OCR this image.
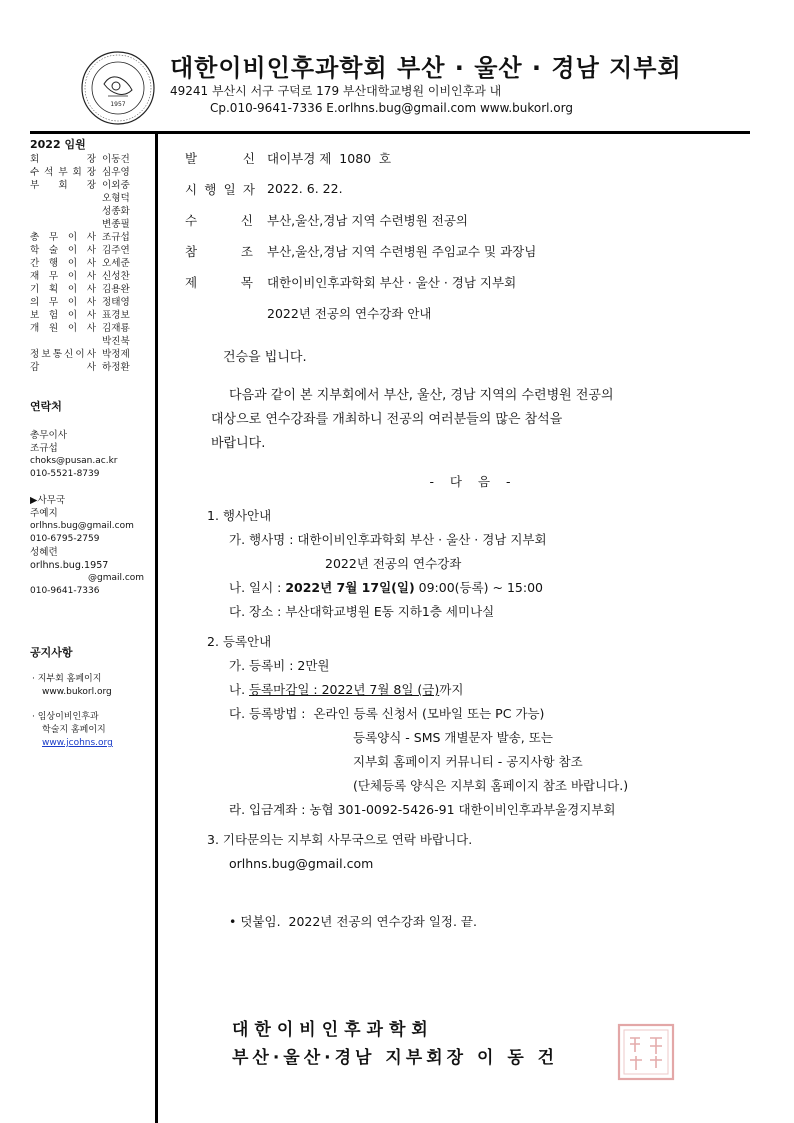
1957
대한이비인후과학회 부산 · 울산 · 경남 지부회
49241 부산시 서구 구덕로 179 부산대학교병원 이비인후과 내
Cp.010-9641-7336 E.orlhns.bug@gmail.com www.bukorl.org
2022 임원
회	장 이동건
수 석 부 회 장 심우영
부 회 장 이외중
오형덕
성종화
변종필
총 무 이 사 조규섭
학 술 이 사 김주연
간 행 이 사 오세준
재 무 이 사 신성찬
기 획 이 사 김용완
의 무 이 사 정태영
보 험 이 사 표경보
개 원 이 사 김재룡
박진북
정 보 통 신 이 사 박정제
감	사 하정환
연락처
총무이사
조규섭
choks@pusan.ac.kr
010-5521-8739
▶사무국
주예지
orlhns.bug@gmail.com
010-6795-2759
성혜련
orlhns.bug.1957
@gmail.com
010-9641-7336
공지사항
· 지부회 홈페이지
www.bukorl.org
· 임상이비인후과
학술지 홈페이지
www.jcohns.org
발	신 대이부경 제  1080  호
시 행 일 자 2022. 6. 22.
수	신 부산,울산,경남 지역 수련병원 전공의
참	조 부산,울산,경남 지역 수련병원 주임교수 및 과장님
제	목 대한이비인후과학회 부산 · 울산 · 경남 지부회
2022년 전공의 연수강좌 안내
건승을 빕니다.
다음과 같이 본 지부회에서 부산, 울산, 경남 지역의 수련병원 전공의
대상으로 연수강좌를 개최하니 전공의 여러분들의 많은 참석을
바랍니다.
- 다 음 -
1. 행사안내
가. 행사명 : 대한이비인후과학회 부산 · 울산 · 경남 지부회
2022년 전공의 연수강좌
나. 일시 : 2022년 7월 17일(일) 09:00(등록) ~ 15:00
다. 장소 : 부산대학교병원 E동 지하1층 세미나실
2. 등록안내
가. 등록비 : 2만원
나. 등록마감일 : 2022년 7월 8일 (금)까지
다. 등록방법 :  온라인 등록 신청서 (모바일 또는 PC 가능)
등록양식 - SMS 개별문자 발송, 또는
지부회 홈페이지 커뮤니티 - 공지사항 참조
(단체등록 양식은 지부회 홈페이지 참조 바랍니다.)
라. 입금계좌 : 농협 301-0092-5426-91 대한이비인후과부울경지부회
3. 기타문의는 지부회 사무국으로 연락 바랍니다.
orlhns.bug@gmail.com
• 덧붙임.  2022년 전공의 연수강좌 일정. 끝.
대한이비인후과학회
부산·울산·경남 지부회장 이 동 건
